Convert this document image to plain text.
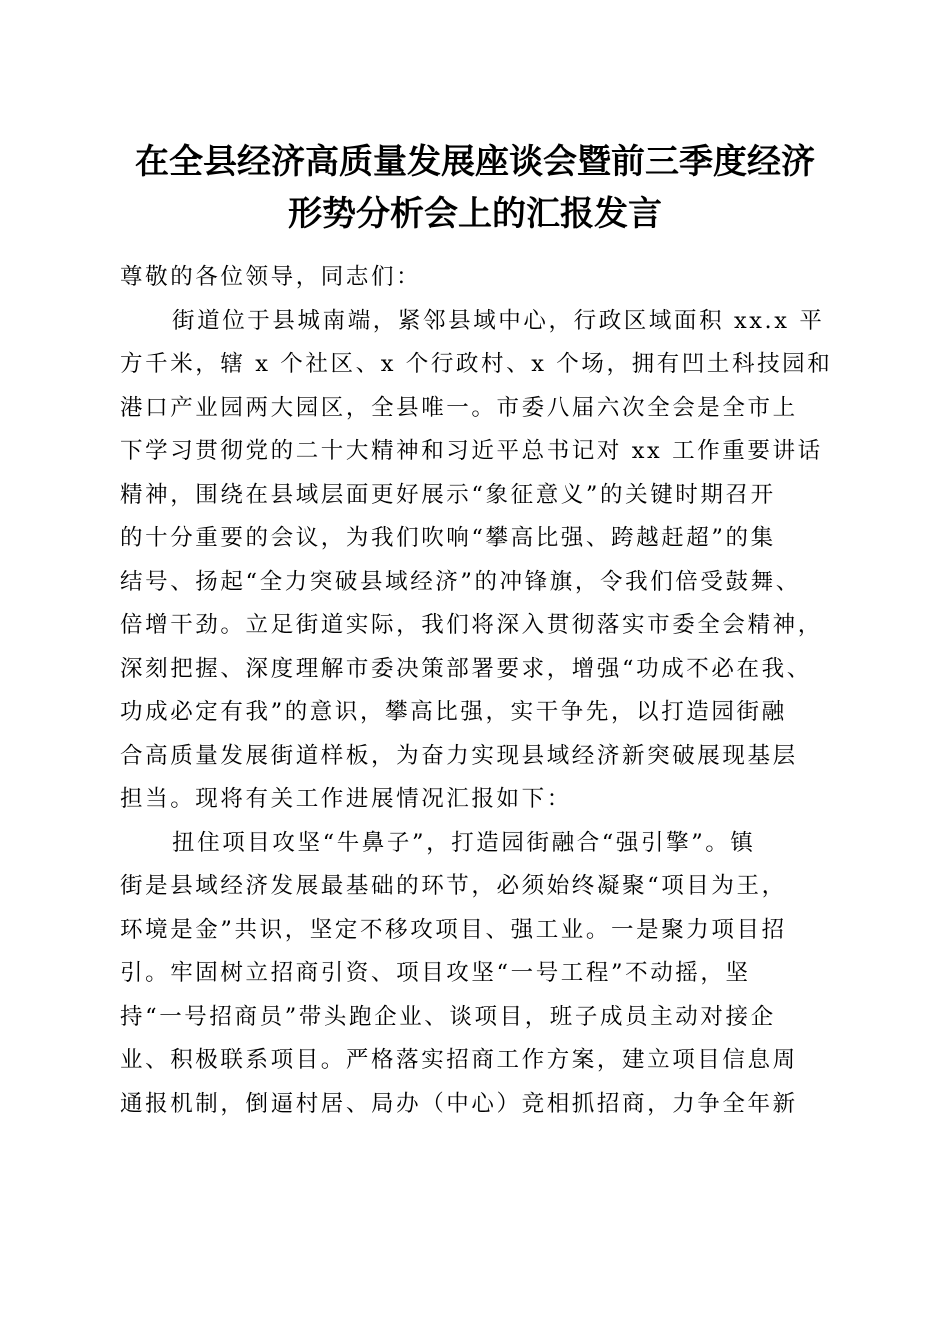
在全县经济高质量发展座谈会暨前三季度经济
形势分析会上的汇报发言
尊敬的各位领导，同志们：
街道位于县城南端，紧邻县域中心，行政区域面积 xx.x 平
方千米，辖 x 个社区、x 个行政村、x 个场，拥有凹土科技园和
港口产业园两大园区，全县唯一。市委八届六次全会是全市上
下学习贯彻党的二十大精神和习近平总书记对 xx 工作重要讲话
精神，围绕在县域层面更好展示“象征意义”的关键时期召开
的十分重要的会议，为我们吹响“攀高比强、跨越赶超”的集
结号、扬起“全力突破县域经济”的冲锋旗，令我们倍受鼓舞、
倍增干劲。立足街道实际，我们将深入贯彻落实市委全会精神，
深刻把握、深度理解市委决策部署要求，增强“功成不必在我、
功成必定有我”的意识，攀高比强，实干争先，以打造园街融
合高质量发展街道样板，为奋力实现县域经济新突破展现基层
担当。现将有关工作进展情况汇报如下：
扭住项目攻坚“牛鼻子”，打造园街融合“强引擎”。镇
街是县域经济发展最基础的环节，必须始终凝聚“项目为王，
环境是金”共识，坚定不移攻项目、强工业。一是聚力项目招
引。牢固树立招商引资、项目攻坚“一号工程”不动摇，坚
持“一号招商员”带头跑企业、谈项目，班子成员主动对接企
业、积极联系项目。严格落实招商工作方案，建立项目信息周
通报机制，倒逼村居、局办（中心）竞相抓招商，力争全年新
